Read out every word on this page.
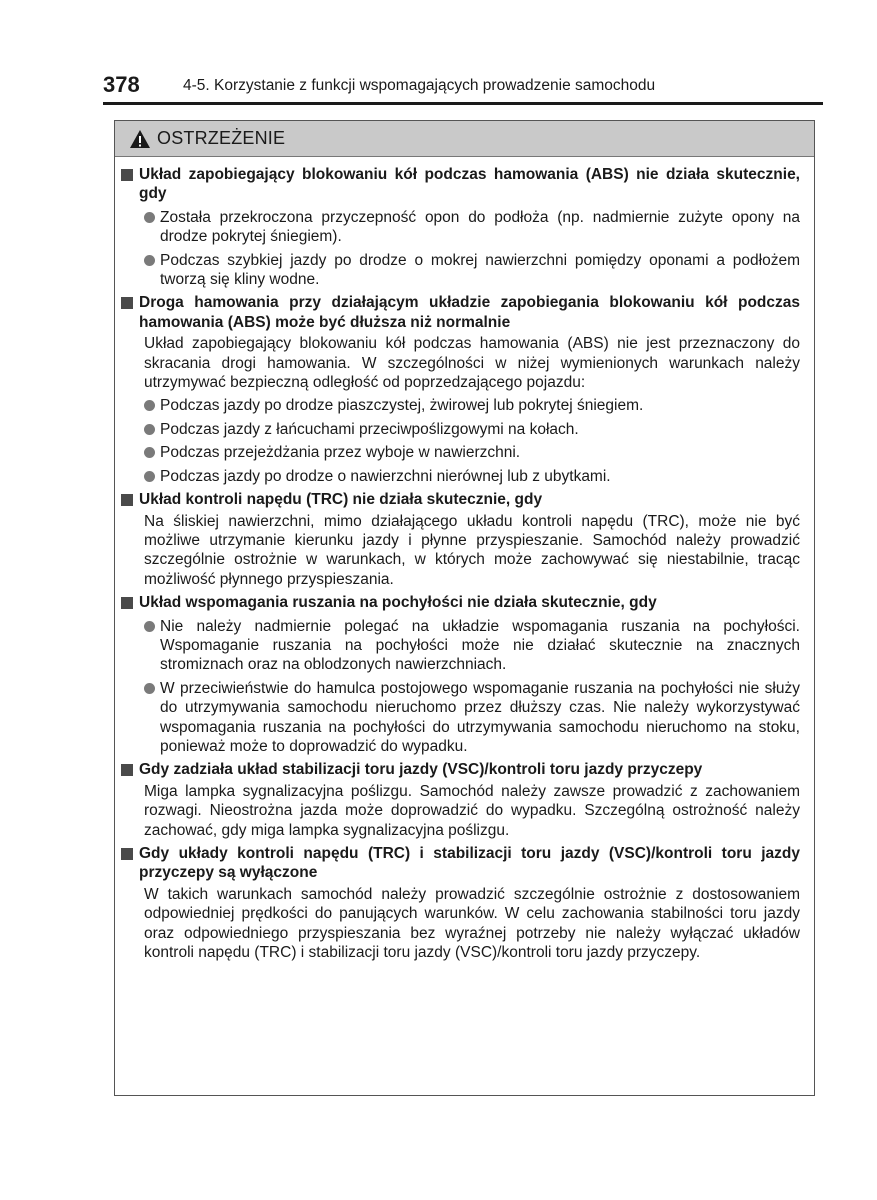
378	4-5. Korzystanie z funkcji wspomagających prowadzenie samochodu
OSTRZEŻENIE
Układ zapobiegający blokowaniu kół podczas hamowania (ABS) nie działa skutecznie, gdy
Została przekroczona przyczepność opon do podłoża (np. nadmiernie zużyte opony na drodze pokrytej śniegiem).
Podczas szybkiej jazdy po drodze o mokrej nawierzchni pomiędzy oponami a podłożem tworzą się kliny wodne.
Droga hamowania przy działającym układzie zapobiegania blokowaniu kół podczas hamowania (ABS) może być dłuższa niż normalnie
Układ zapobiegający blokowaniu kół podczas hamowania (ABS) nie jest przeznaczony do skracania drogi hamowania. W szczególności w niżej wymienionych warunkach należy utrzymywać bezpieczną odległość od poprzedzającego pojazdu:
Podczas jazdy po drodze piaszczystej, żwirowej lub pokrytej śniegiem.
Podczas jazdy z łańcuchami przeciwpoślizgowymi na kołach.
Podczas przejeżdżania przez wyboje w nawierzchni.
Podczas jazdy po drodze o nawierzchni nierównej lub z ubytkami.
Układ kontroli napędu (TRC) nie działa skutecznie, gdy
Na śliskiej nawierzchni, mimo działającego układu kontroli napędu (TRC), może nie być możliwe utrzymanie kierunku jazdy i płynne przyspieszanie. Samochód należy prowadzić szczególnie ostrożnie w warunkach, w których może zachowywać się niestabilnie, tracąc możliwość płynnego przyspieszania.
Układ wspomagania ruszania na pochyłości nie działa skutecznie, gdy
Nie należy nadmiernie polegać na układzie wspomagania ruszania na pochyłości. Wspomaganie ruszania na pochyłości może nie działać skutecznie na znacznych stromiznach oraz na oblodzonych nawierzchniach.
W przeciwieństwie do hamulca postojowego wspomaganie ruszania na pochyłości nie służy do utrzymywania samochodu nieruchomo przez dłuższy czas. Nie należy wykorzystywać wspomagania ruszania na pochyłości do utrzymywania samochodu nieruchomo na stoku, ponieważ może to doprowadzić do wypadku.
Gdy zadziała układ stabilizacji toru jazdy (VSC)/kontroli toru jazdy przyczepy
Miga lampka sygnalizacyjna poślizgu. Samochód należy zawsze prowadzić z zachowaniem rozwagi. Nieostrożna jazda może doprowadzić do wypadku. Szczególną ostrożność należy zachować, gdy miga lampka sygnalizacyjna poślizgu.
Gdy układy kontroli napędu (TRC) i stabilizacji toru jazdy (VSC)/kontroli toru jazdy przyczepy są wyłączone
W takich warunkach samochód należy prowadzić szczególnie ostrożnie z dostosowaniem odpowiedniej prędkości do panujących warunków. W celu zachowania stabilności toru jazdy oraz odpowiedniego przyspieszania bez wyraźnej potrzeby nie należy wyłączać układów kontroli napędu (TRC) i stabilizacji toru jazdy (VSC)/kontroli toru jazdy przyczepy.
